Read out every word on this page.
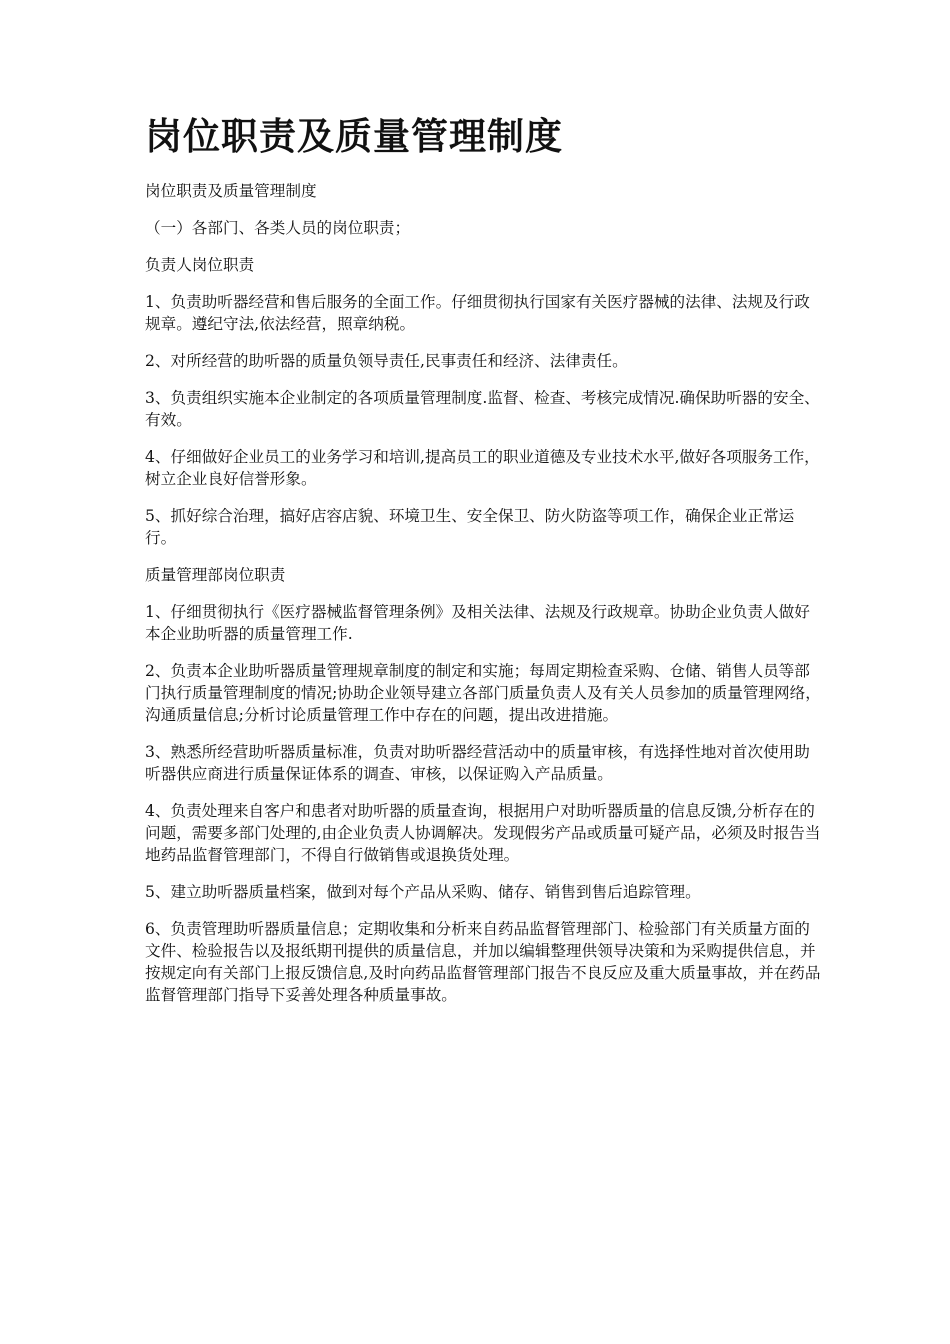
岗位职责及质量管理制度

岗位职责及质量管理制度

（一）各部门、各类人员的岗位职责；

负责人岗位职责

1、负责助听器经营和售后服务的全面工作。仔细贯彻执行国家有关医疗器械的法律、法规及行政规章。遵纪守法,依法经营，照章纳税。

2、对所经营的助听器的质量负领导责任,民事责任和经济、法律责任。

3、负责组织实施本企业制定的各项质量管理制度.监督、检查、考核完成情况.确保助听器的安全、有效。

4、仔细做好企业员工的业务学习和培训,提高员工的职业道德及专业技术水平,做好各项服务工作，树立企业良好信誉形象。

5、抓好综合治理，搞好店容店貌、环境卫生、安全保卫、防火防盗等项工作，确保企业正常运行。

质量管理部岗位职责

1、仔细贯彻执行《医疗器械监督管理条例》及相关法律、法规及行政规章。协助企业负责人做好本企业助听器的质量管理工作.

2、负责本企业助听器质量管理规章制度的制定和实施；每周定期检查采购、仓储、销售人员等部门执行质量管理制度的情况;协助企业领导建立各部门质量负责人及有关人员参加的质量管理网络，沟通质量信息;分析讨论质量管理工作中存在的问题，提出改进措施。

3、熟悉所经营助听器质量标准，负责对助听器经营活动中的质量审核，有选择性地对首次使用助听器供应商进行质量保证体系的调查、审核，以保证购入产品质量。

4、负责处理来自客户和患者对助听器的质量查询，根据用户对助听器质量的信息反馈,分析存在的问题，需要多部门处理的,由企业负责人协调解决。发现假劣产品或质量可疑产品，必须及时报告当地药品监督管理部门，不得自行做销售或退换货处理。

5、建立助听器质量档案，做到对每个产品从采购、储存、销售到售后追踪管理。

6、负责管理助听器质量信息；定期收集和分析来自药品监督管理部门、检验部门有关质量方面的文件、检验报告以及报纸期刊提供的质量信息，并加以编辑整理供领导决策和为采购提供信息，并按规定向有关部门上报反馈信息,及时向药品监督管理部门报告不良反应及重大质量事故，并在药品监督管理部门指导下妥善处理各种质量事故。
